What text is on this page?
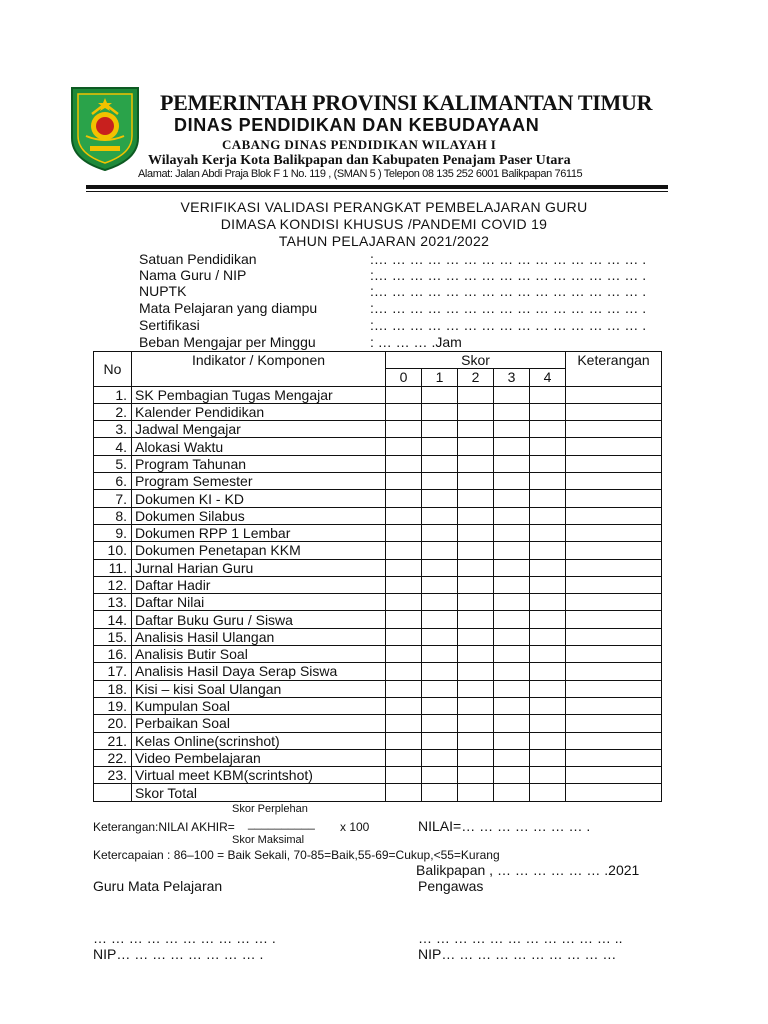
PEMERINTAH PROVINSI KALIMANTAN TIMUR
DINAS PENDIDIKAN DAN KEBUDAYAAN
CABANG DINAS PENDIDIKAN WILAYAH I
Wilayah Kerja Kota Balikpapan dan Kabupaten Penajam Paser Utara
Alamat: Jalan Abdi Praja Blok F 1 No. 119 , (SMAN 5 ) Telepon 08 135 252 6001 Balikpapan 76115
VERIFIKASI VALIDASI PERANGKAT PEMBELAJARAN GURU
DIMASA KONDISI KHUSUS /PANDEMI COVID 19
TAHUN PELAJARAN 2021/2022
Satuan Pendidikan	:… … … … … … … … … … … … … … … .
Nama Guru / NIP	:… … … … … … … … … … … … … … … .
NUPTK	:… … … … … … … … … … … … … … … .
Mata Pelajaran yang diampu	:… … … … … … … … … … … … … … … .
Sertifikasi	:… … … … … … … … … … … … … … … .
Beban Mengajar per Minggu	: … … … .Jam
No	Indikator / Komponen	Skor					Keterangan
		0	1	2	3	4	
1.	SK Pembagian Tugas Mengajar						
2.	Kalender Pendidikan						
3.	Jadwal Mengajar						
4.	Alokasi Waktu						
5.	Program Tahunan						
6.	Program Semester						
7.	Dokumen KI - KD						
8.	Dokumen Silabus						
9.	Dokumen RPP 1 Lembar						
10.	Dokumen Penetapan KKM						
11.	Jurnal Harian Guru						
12.	Daftar Hadir						
13.	Daftar Nilai						
14.	Daftar Buku Guru / Siswa						
15.	Analisis Hasil Ulangan						
16.	Analisis Butir Soal						
17.	Analisis Hasil Daya Serap Siswa						
18.	Kisi – kisi Soal Ulangan						
19.	Kumpulan Soal						
20.	Perbaikan Soal						
21.	Kelas Online(scrinshot)						
22.	Video Pembelajaran						
23.	Virtual meet KBM(scrintshot)						
	Skor Total						
Skor Perplehan
Keterangan:NILAI AKHIR= __________ x 100	NILAI=… … … … … … … .
Skor Maksimal
Ketercapaian : 86–100 = Baik Sekali, 70-85=Baik,55-69=Cukup,<55=Kurang
Balikpapan , … … … … … … .2021
Guru Mata Pelajaran	Pengawas
… … … … … … … … … … .	… … … … … … … … … … … ..
NIP… … … … … … … … .	NIP… … … … … … … … … …
